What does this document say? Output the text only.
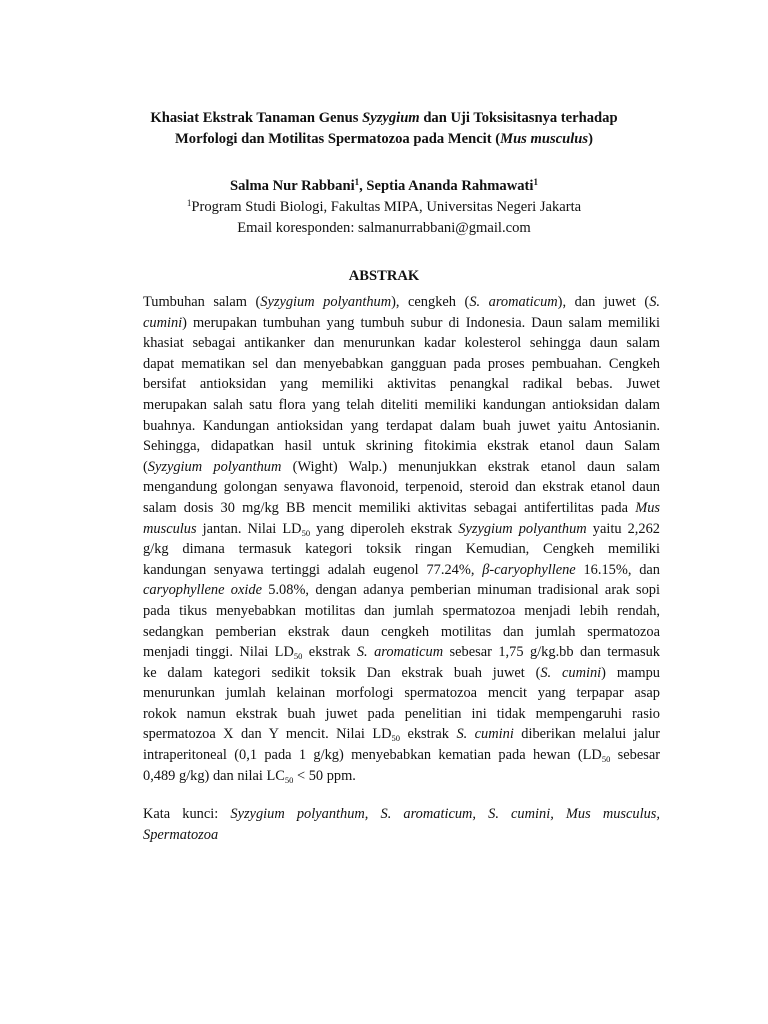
Khasiat Ekstrak Tanaman Genus Syzygium dan Uji Toksisitasnya terhadap
Morfologi dan Motilitas Spermatozoa pada Mencit (Mus musculus)
Salma Nur Rabbani$^1$, Septia Ananda Rahmawati$^1$
$^1$Program Studi Biologi, Fakultas MIPA, Universitas Negeri Jakarta
Email koresponden: salmanurrabbani@gmail.com
ABSTRAK
Tumbuhan salam (Syzygium polyanthum), cengkeh (S. aromaticum), dan juwet (S.
cumini) merupakan tumbuhan yang tumbuh subur di Indonesia. Daun salam memiliki
khasiat sebagai antikanker dan menurunkan kadar kolesterol sehingga daun salam
dapat mematikan sel dan menyebabkan gangguan pada proses pembuahan. Cengkeh
bersifat antioksidan yang memiliki aktivitas penangkal radikal bebas. Juwet
merupakan salah satu flora yang telah diteliti memiliki kandungan antioksidan dalam
buahnya. Kandungan antioksidan yang terdapat dalam buah juwet yaitu Antosianin.
Sehingga, didapatkan hasil untuk skrining fitokimia ekstrak etanol daun Salam
(Syzygium polyanthum (Wight) Walp.) menunjukkan ekstrak etanol daun salam
mengandung golongan senyawa flavonoid, terpenoid, steroid dan ekstrak etanol daun
salam dosis 30 mg/kg BB mencit memiliki aktivitas sebagai antifertilitas pada Mus
musculus jantan. Nilai $LD_{50}$ yang diperoleh ekstrak Syzygium polyanthum yaitu 2,262
g/kg dimana termasuk kategori toksik ringan Kemudian, Cengkeh memiliki
kandungan senyawa tertinggi adalah eugenol 77.24%, β-caryophyllene 16.15%, dan
caryophyllene oxide 5.08%, dengan adanya pemberian minuman tradisional arak sopi
pada tikus menyebabkan motilitas dan jumlah spermatozoa menjadi lebih rendah,
sedangkan pemberian ekstrak daun cengkeh motilitas dan jumlah spermatozoa
menjadi tinggi. Nilai $LD_{50}$ ekstrak S. aromaticum sebesar 1,75 g/kg.bb dan termasuk
ke dalam kategori sedikit toksik Dan ekstrak buah juwet (S. cumini) mampu
menurunkan jumlah kelainan morfologi spermatozoa mencit yang terpapar asap
rokok namun ekstrak buah juwet pada penelitian ini tidak mempengaruhi rasio
spermatozoa X dan Y mencit. Nilai $LD_{50}$ ekstrak S. cumini diberikan melalui jalur
intraperitoneal (0,1 pada 1 g/kg) menyebabkan kematian pada hewan ($LD_{50}$ sebesar
0,489 g/kg) dan nilai $LC_{50} < 50$ ppm.
Kata kunci: Syzygium polyanthum, S. aromaticum, S. cumini, Mus musculus,
Spermatozoa
